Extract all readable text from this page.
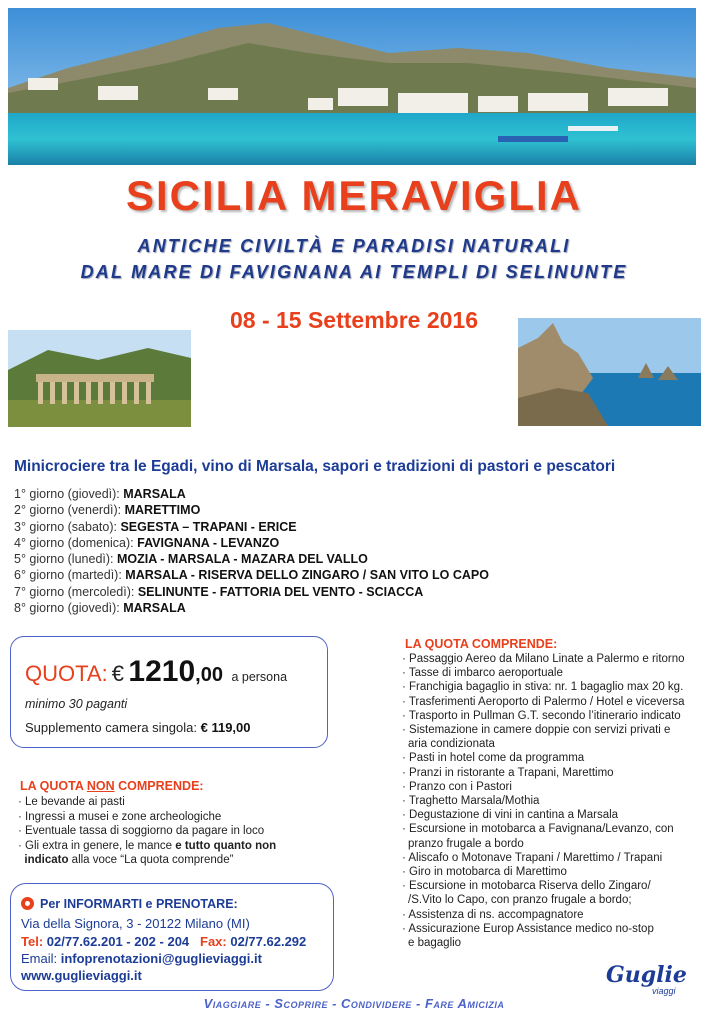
SICILIA MERAVIGLIA
ANTICHE CIVILTÀ E PARADISI NATURALI
DAL MARE DI FAVIGNANA AI TEMPLI DI SELINUNTE
08 - 15 Settembre 2016
Minicrociere tra le Egadi, vino di Marsala, sapori e tradizioni di pastori e pescatori
1° giorno (giovedì): MARSALA
2° giorno (venerdì): MARETTIMO
3° giorno (sabato): SEGESTA – TRAPANI - ERICE
4° giorno (domenica): FAVIGNANA - LEVANZO
5° giorno (lunedì): MOZIA - MARSALA - MAZARA DEL VALLO
6° giorno (martedì): MARSALA - RISERVA DELLO ZINGARO / SAN VITO LO CAPO
7° giorno (mercoledì): SELINUNTE - FATTORIA DEL VENTO - SCIACCA
8° giorno (giovedì): MARSALA
QUOTA: € 1210,00 a persona
minimo 30 paganti
Supplemento camera singola: € 119,00
LA QUOTA NON COMPRENDE:
· Le bevande ai pasti
· Ingressi a musei e zone archeologiche
· Eventuale tassa di soggiorno da pagare in loco
· Gli extra in genere, le mance e tutto quanto non
indicato alla voce “La quota comprende”
LA QUOTA COMPRENDE:
· Passaggio Aereo da Milano Linate a Palermo e ritorno
· Tasse di imbarco aeroportuale
· Franchigia bagaglio in stiva: nr. 1 bagaglio max 20 kg.
· Trasferimenti Aeroporto di Palermo / Hotel e viceversa
· Trasporto in Pullman G.T. secondo l’itinerario indicato
· Sistemazione in camere doppie con servizi privati e
aria condizionata
· Pasti in hotel come da programma
· Pranzi in ristorante a Trapani, Marettimo
· Pranzo con i Pastori
· Traghetto Marsala/Mothia
· Degustazione di vini in cantina a Marsala
· Escursione in motobarca a Favignana/Levanzo, con
pranzo frugale a bordo
· Aliscafo o Motonave Trapani / Marettimo / Trapani
· Giro in motobarca di Marettimo
· Escursione in motobarca Riserva dello Zingaro/
/S.Vito lo Capo, con pranzo frugale a bordo;
· Assistenza di ns. accompagnatore
· Assicurazione Europ Assistance medico no-stop
e bagaglio
Per INFORMARTI e PRENOTARE:
Via della Signora, 3 - 20122 Milano (MI)
Tel: 02/77.62.201 - 202 - 204 Fax: 02/77.62.292
Email: infoprenotazioni@guglieviaggi.it
www.guglieviaggi.it	Guglie
viaggi
Viaggiare - Scoprire - Condividere - Fare Amicizia
